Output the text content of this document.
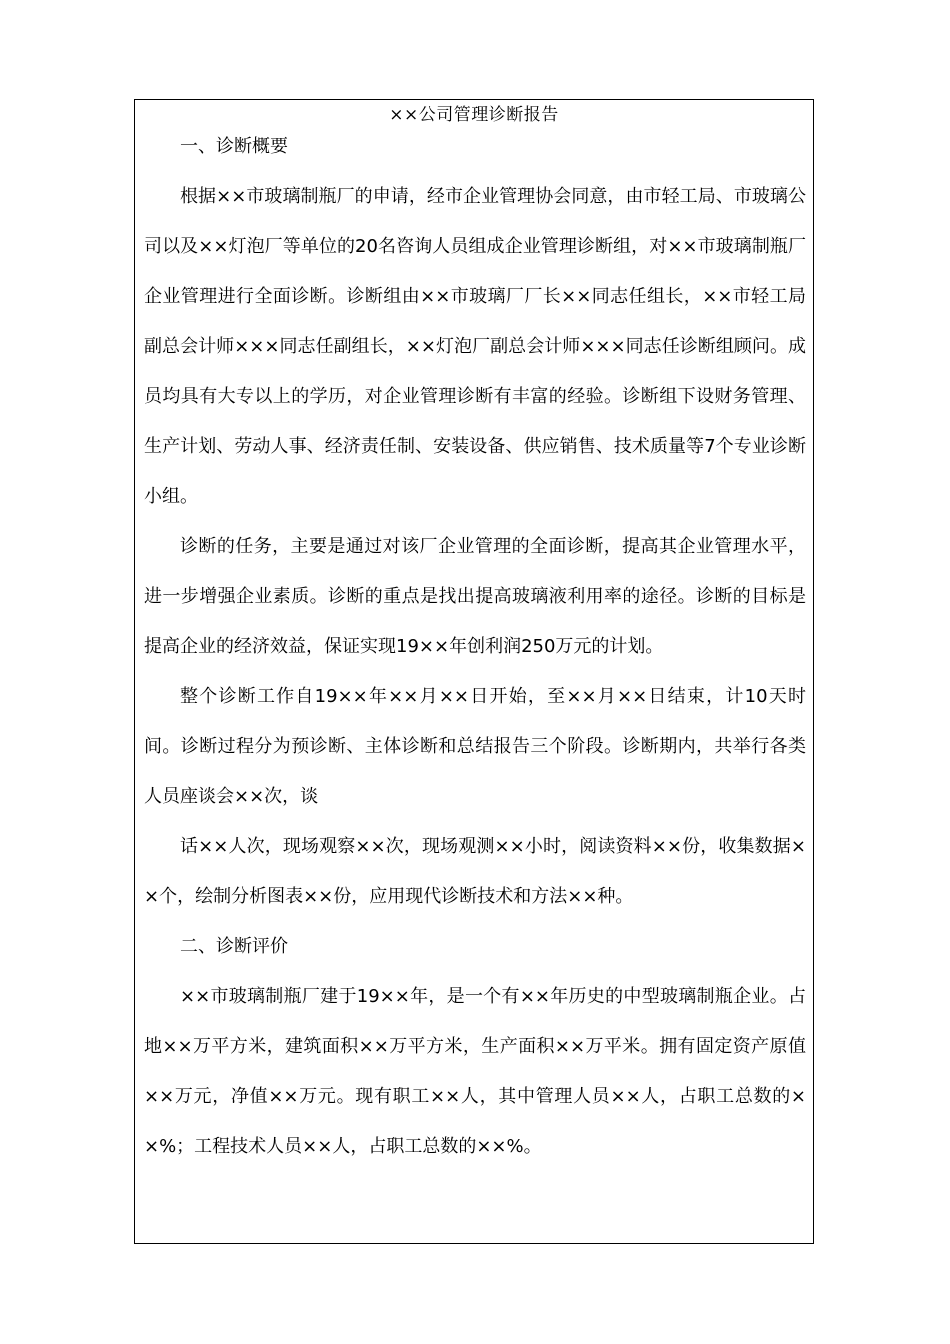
××公司管理诊断报告

一、诊断概要

根据××市玻璃制瓶厂的申请，经市企业管理协会同意，由市轻工局、市玻璃公司以及××灯泡厂等单位的20名咨询人员组成企业管理诊断组，对××市玻璃制瓶厂企业管理进行全面诊断。诊断组由××市玻璃厂厂长××同志任组长，××市轻工局副总会计师×××同志任副组长，××灯泡厂副总会计师×××同志任诊断组顾问。成员均具有大专以上的学历，对企业管理诊断有丰富的经验。诊断组下设财务管理、生产计划、劳动人事、经济责任制、安装设备、供应销售、技术质量等7个专业诊断小组。

诊断的任务，主要是通过对该厂企业管理的全面诊断，提高其企业管理水平，进一步增强企业素质。诊断的重点是找出提高玻璃液利用率的途径。诊断的目标是提高企业的经济效益，保证实现19××年创利润250万元的计划。

整个诊断工作自19××年××月××日开始，至××月××日结束，计10天时间。诊断过程分为预诊断、主体诊断和总结报告三个阶段。诊断期内，共举行各类人员座谈会××次，谈

话××人次，现场观察××次，现场观测××小时，阅读资料××份，收集数据××个，绘制分析图表××份，应用现代诊断技术和方法××种。

二、诊断评价

××市玻璃制瓶厂建于19××年，是一个有××年历史的中型玻璃制瓶企业。占地××万平方米，建筑面积××万平方米，生产面积××万平米。拥有固定资产原值××万元，净值××万元。现有职工××人，其中管理人员××人，占职工总数的××%；工程技术人员××人，占职工总数的××%。
